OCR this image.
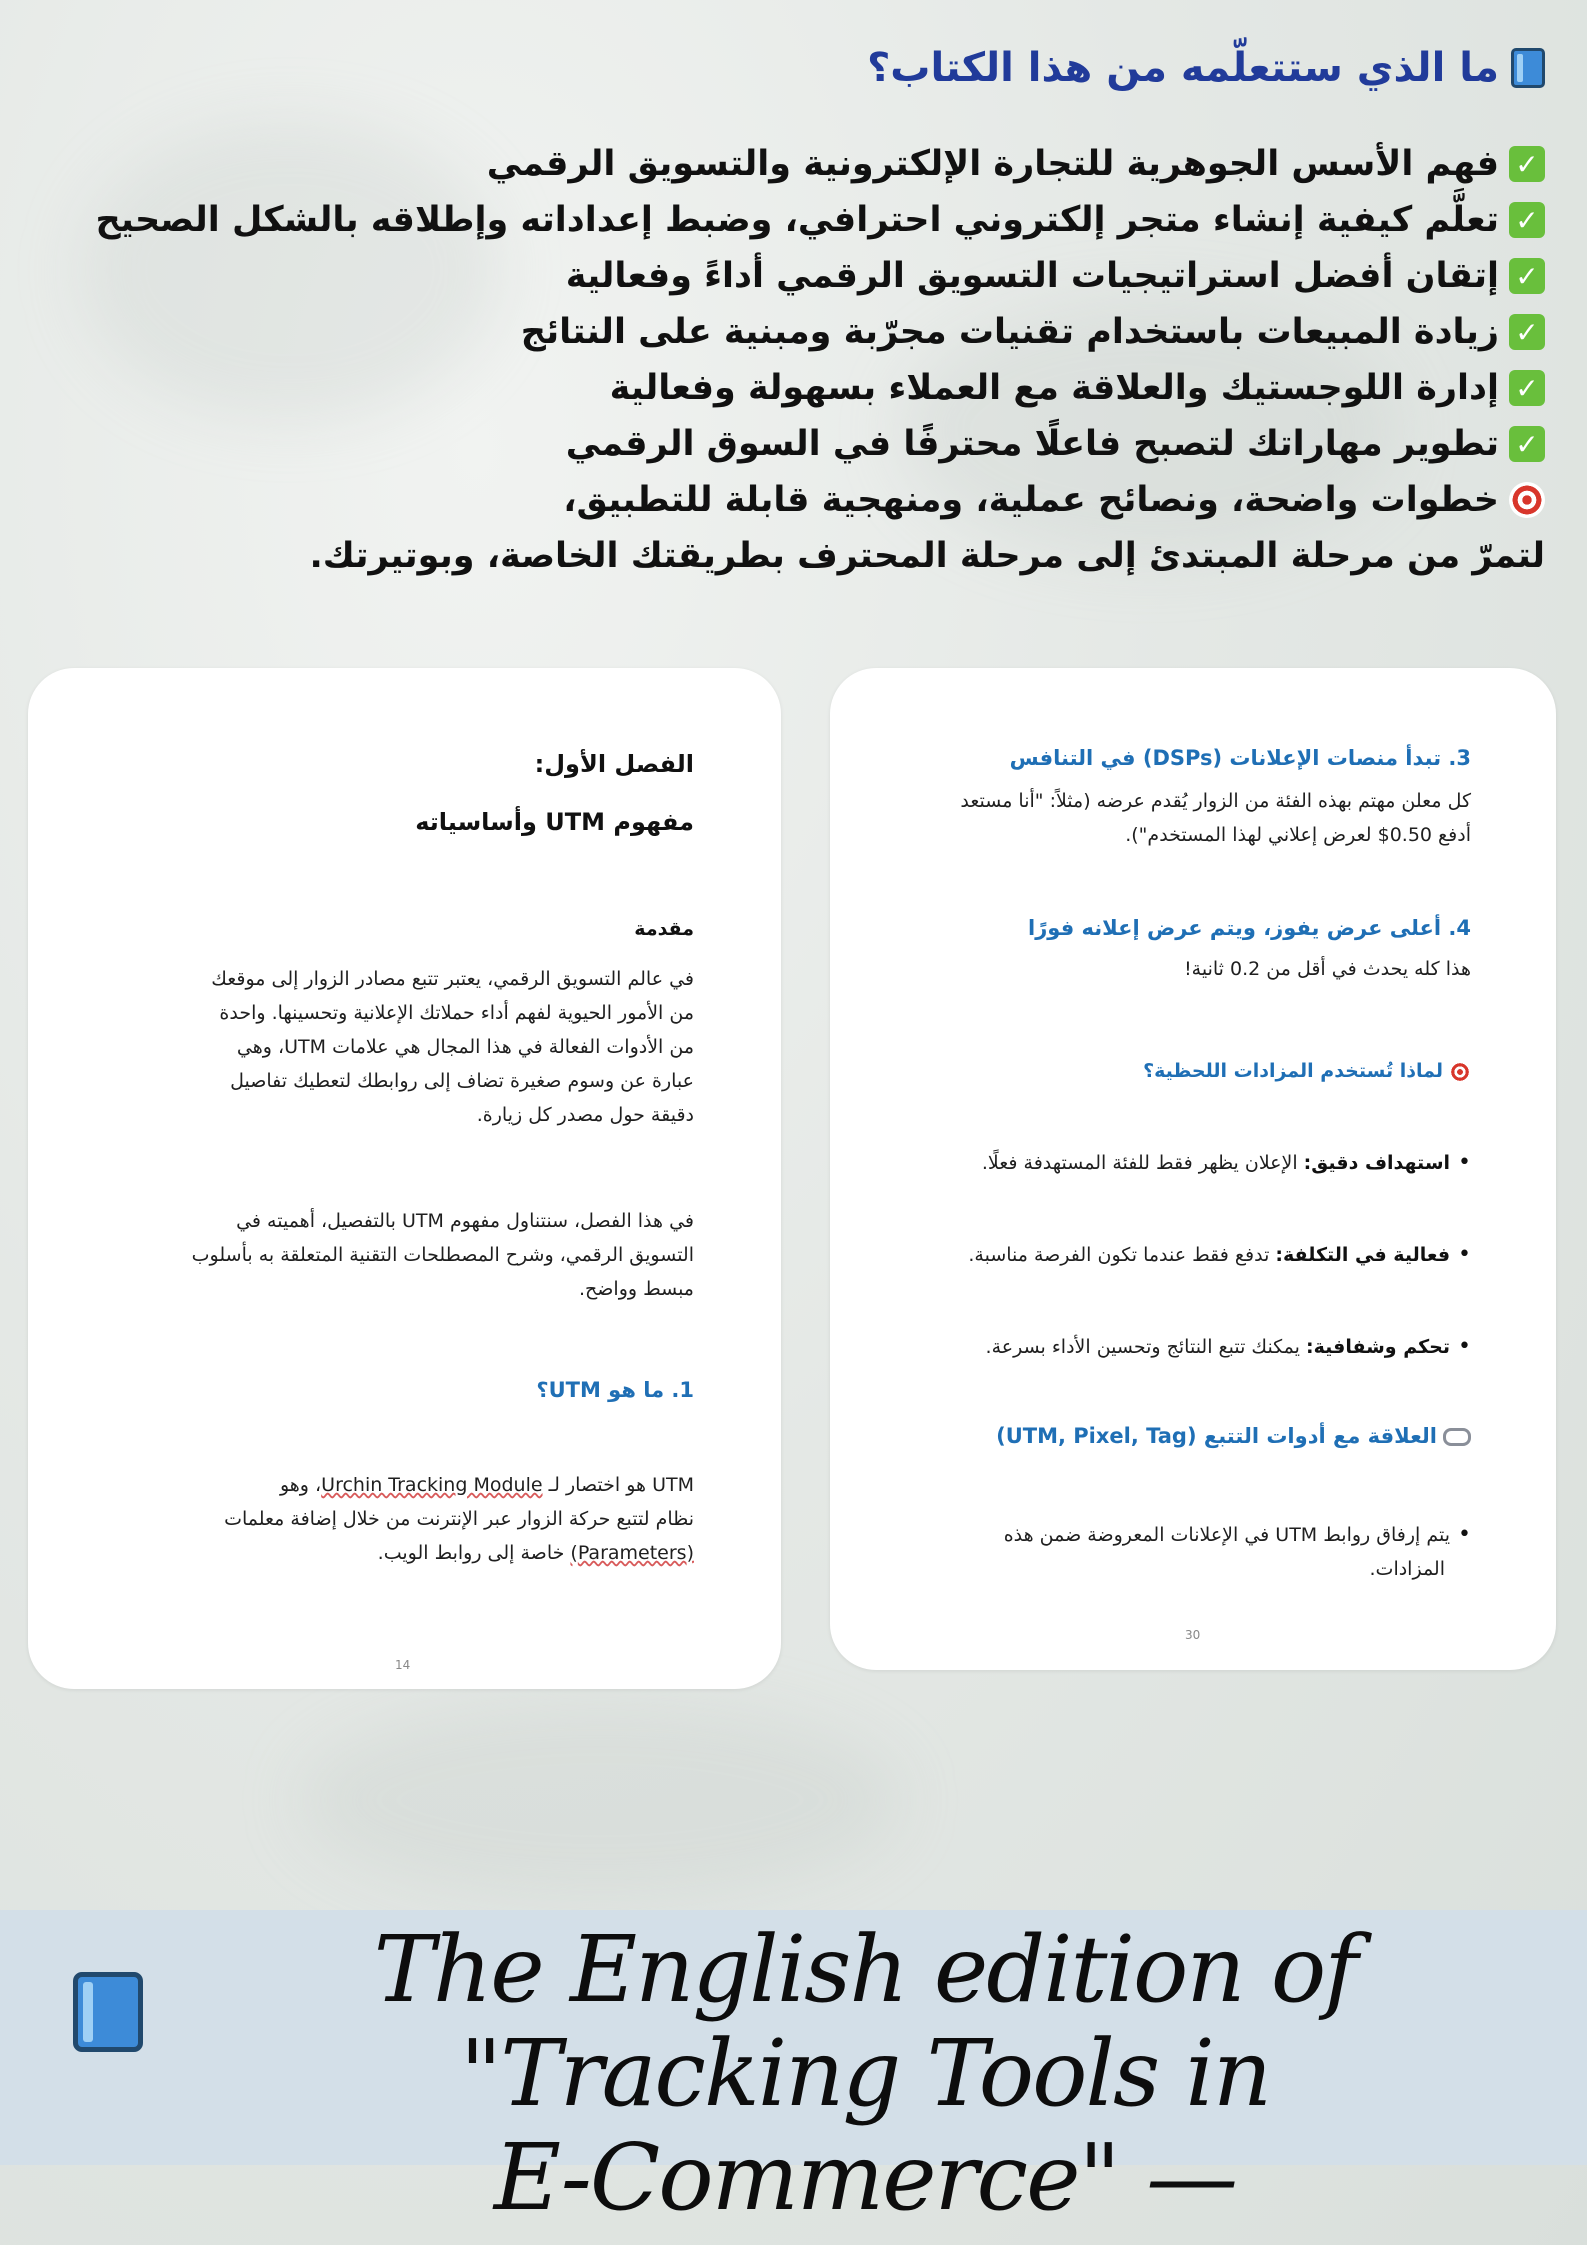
ما الذي ستتعلّمه من هذا الكتاب؟
✓
فهم الأسس الجوهرية للتجارة الإلكترونية والتسويق الرقمي
✓
تعلَّم كيفية إنشاء متجر إلكتروني احترافي، وضبط إعداداته وإطلاقه بالشكل الصحيح
✓
إتقان أفضل استراتيجيات التسويق الرقمي أداءً وفعالية
✓
زيادة المبيعات باستخدام تقنيات مجرّبة ومبنية على النتائج
✓
إدارة اللوجستيك والعلاقة مع العملاء بسهولة وفعالية
✓
تطوير مهاراتك لتصبح فاعلًا محترفًا في السوق الرقمي
خطوات واضحة، ونصائح عملية، ومنهجية قابلة للتطبيق،
لتمرّ من مرحلة المبتدئ إلى مرحلة المحترف بطريقتك الخاصة، وبوتيرتك.

الفصل الأول:

مفهوم UTM وأساسياته

مقدمة

في عالم التسويق الرقمي، يعتبر تتبع مصادر الزوار إلى موقعك

من الأمور الحيوية لفهم أداء حملاتك الإعلانية وتحسينها. واحدة

من الأدوات الفعالة في هذا المجال هي علامات UTM، وهي

عبارة عن وسوم صغيرة تضاف إلى روابطك لتعطيك تفاصيل

دقيقة حول مصدر كل زيارة.

في هذا الفصل، سنتناول مفهوم UTM بالتفصيل، أهميته في

التسويق الرقمي، وشرح المصطلحات التقنية المتعلقة به بأسلوب

مبسط وواضح.

1. ما هو UTM؟

UTM هو اختصار لـ Urchin Tracking Module، وهو

نظام لتتبع حركة الزوار عبر الإنترنت من خلال إضافة معلمات

(Parameters) خاصة إلى روابط الويب.

14

3. تبدأ منصات الإعلانات (DSPs) في التنافس

كل معلن مهتم بهذه الفئة من الزوار يُقدم عرضه (مثلاً: "أنا مستعد

أدفع 0.50$ لعرض إعلاني لهذا المستخدم").

4. أعلى عرض يفوز، ويتم عرض إعلانه فورًا

هذا كله يحدث في أقل من 0.2 ثانية!

لماذا تُستخدم المزادات اللحظية؟

•استهداف دقيق: الإعلان يظهر فقط للفئة المستهدفة فعلًا.

•فعالية في التكلفة: تدفع فقط عندما تكون الفرصة مناسبة.

•تحكم وشفافية: يمكنك تتبع النتائج وتحسين الأداء بسرعة.

العلاقة مع أدوات التتبع (UTM, Pixel, Tag)

•يتم إرفاق روابط UTM في الإعلانات المعروضة ضمن هذه

المزادات.

30
The English edition of "Tracking Tools in
E-Commerce" —
